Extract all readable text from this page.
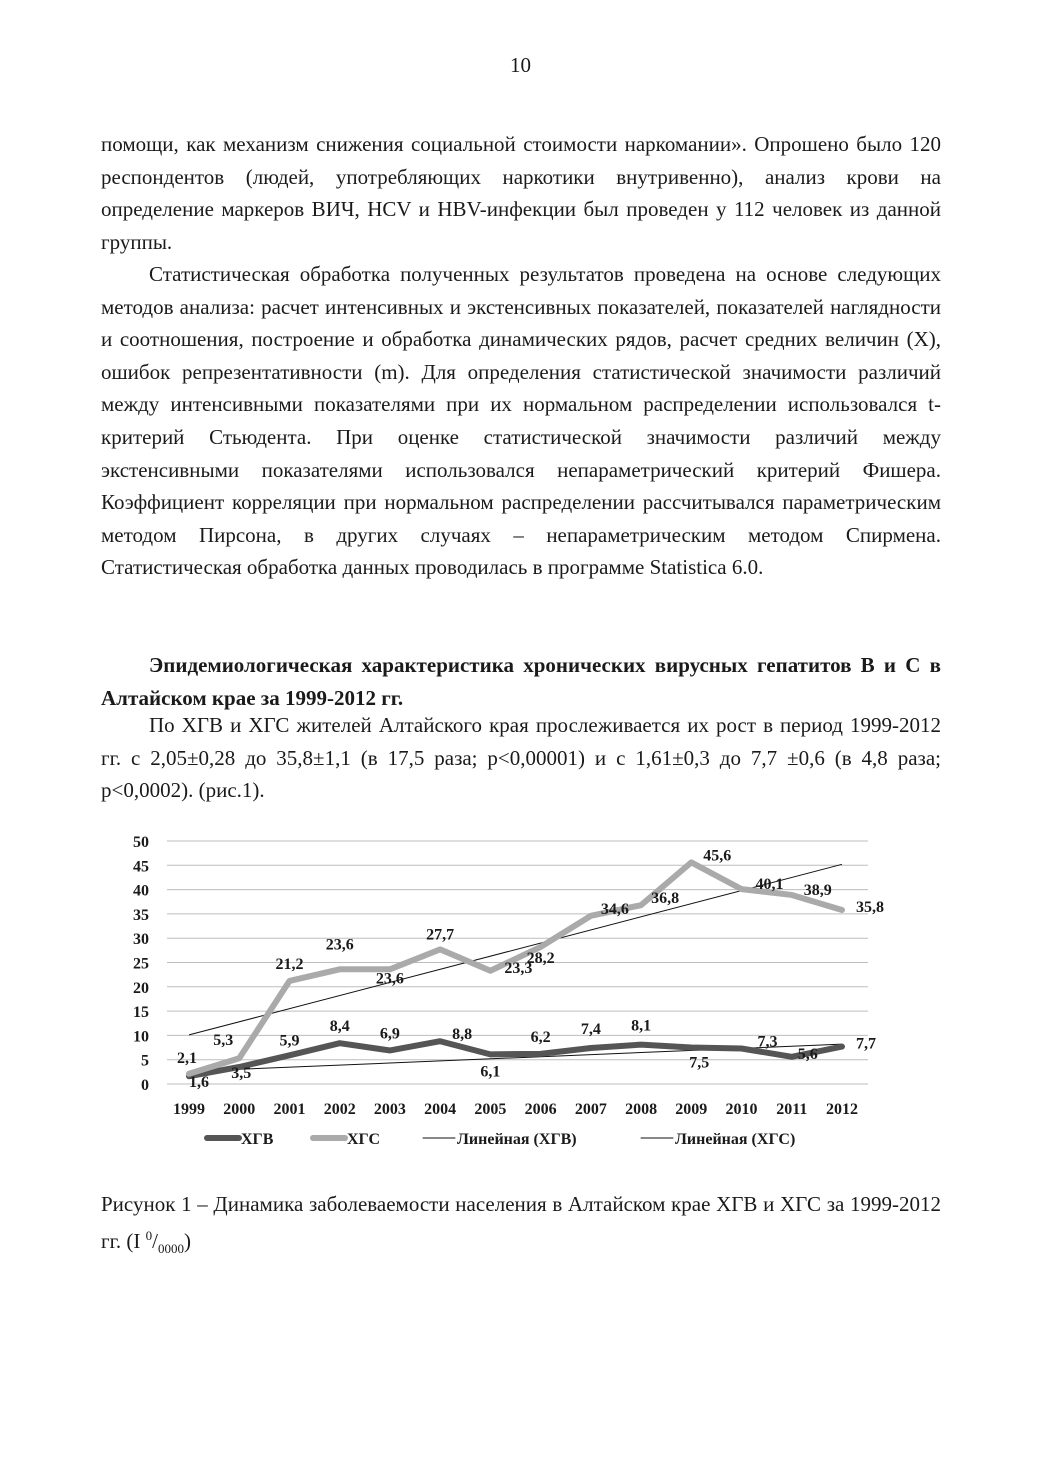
10

помощи, как механизм снижения социальной стоимости наркомании». Опрошено было 120 респондентов (людей, употребляющих наркотики внутривенно), анализ крови на определение маркеров ВИЧ, HCV и HBV-инфекции был проведен у 112 человек из данной группы.

Статистическая обработка полученных результатов проведена на основе следующих методов анализа: расчет интенсивных и экстенсивных показателей, показателей наглядности и соотношения, построение и обработка динамических рядов, расчет средних величин (X), ошибок репрезентативности (m). Для определения статистической значимости различий между интенсивными показателями при их нормальном распределении использовался t-критерий Стьюдента. При оценке статистической значимости различий между экстенсивными показателями использовался непараметрический критерий Фишера. Коэффициент корреляции при нормальном распределении рассчитывался параметрическим методом Пирсона, в других случаях – непараметрическим методом Спирмена. Статистическая обработка данных проводилась в программе Statistica 6.0.

Эпидемиологическая характеристика хронических вирусных гепатитов В и С в Алтайском крае за 1999-2012 гг.

По ХГВ и ХГС жителей Алтайского края прослеживается их рост в период 1999-2012 гг. с 2,05±0,28 до 35,8±1,1 (в 17,5 раза; p<0,00001) и с 1,61±0,3 до 7,7 ±0,6 (в 4,8 раза; p<0,0002). (рис.1).

0
5
10
15
20
25
30
35
40
45
50
1999 2000 2001 2002 2003 2004 2005 2006 2007 2008 2009 2010 2011 2012
1,6
3,5
5,9
8,4 6,9	8,8
6,1
6,2 7,4 8,1
7,5
7,3
5,6
7,7
2,1
5,3
21,2
23,6
23,6
27,7
23,3
28,2
34,6
36,8
45,6
40,1 38,9
35,8
ХГВ	ХГС	Линейная (ХГВ)	Линейная (ХГС)
Рисунок 1 – Динамика заболеваемости населения в Алтайском крае ХГВ и ХГС за 1999-2012 гг. (I $^0/_{0000}$)
